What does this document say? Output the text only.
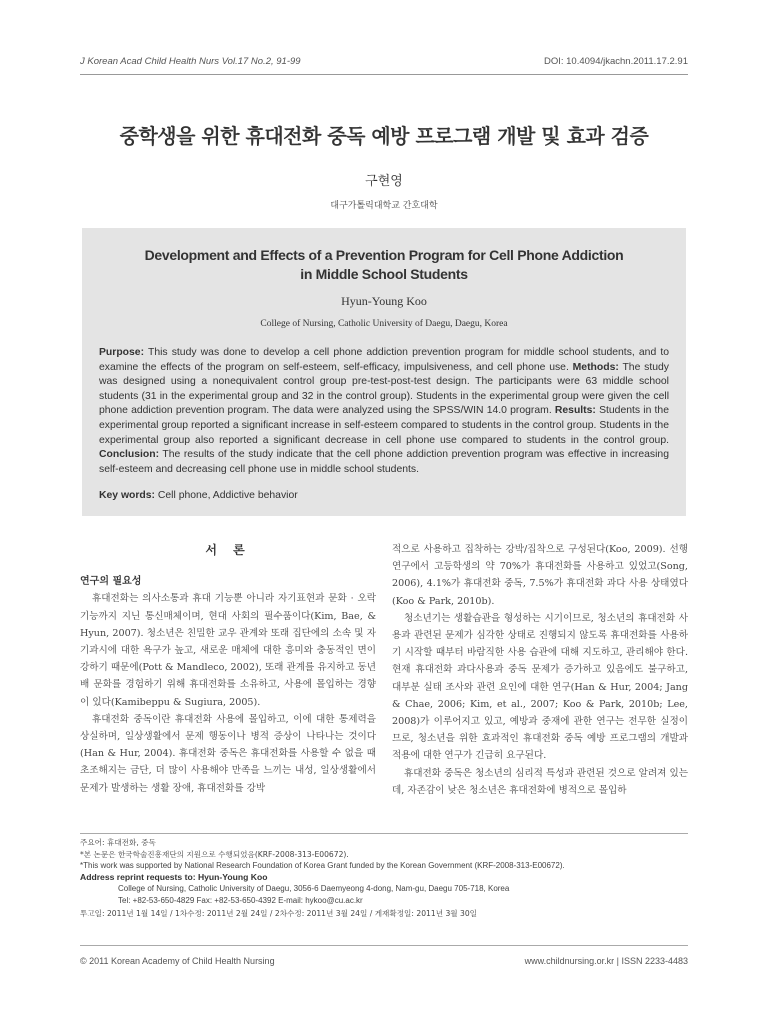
J Korean Acad Child Health Nurs Vol.17 No.2, 91-99	DOI: 10.4094/jkachn.2011.17.2.91
중학생을 위한 휴대전화 중독 예방 프로그램 개발 및 효과 검증
구현영
대구가톨릭대학교 간호대학
Development and Effects of a Prevention Program for Cell Phone Addiction
in Middle School Students
Hyun-Young Koo
College of Nursing, Catholic University of Daegu, Daegu, Korea
Purpose: This study was done to develop a cell phone addiction prevention program for middle school students, and to examine the effects of the program on self-esteem, self-efficacy, impulsiveness, and cell phone use. Methods: The study was designed using a nonequivalent control group pre-test-post-test design. The participants were 63 middle school students (31 in the experimental group and 32 in the control group). Students in the experimental group were given the cell phone addiction prevention program. The data were analyzed using the SPSS/WIN 14.0 program. Results: Students in the experimental group reported a significant increase in self-esteem compared to students in the control group. Students in the experimental group also reported a significant decrease in cell phone use compared to students in the control group. Conclusion: The results of the study indicate that the cell phone addiction prevention program was effective in increasing self-esteem and decreasing cell phone use in middle school students.
Key words: Cell phone, Addictive behavior
서 론
연구의 필요성

휴대전화는 의사소통과 휴대 기능뿐 아니라 자기표현과 문화 · 오락 기능까지 지닌 통신매체이며, 현대 사회의 필수품이다(Kim, Bae, & Hyun, 2007). 청소년은 친밀한 교우 관계와 또래 집단에의 소속 및 자기과시에 대한 욕구가 높고, 새로운 매체에 대한 흥미와 충동적인 면이 강하기 때문에(Pott & Mandleco, 2002), 또래 관계를 유지하고 동년배 문화를 경험하기 위해 휴대전화를 소유하고, 사용에 몰입하는 경향이 있다(Kamibeppu & Sugiura, 2005).

휴대전화 중독이란 휴대전화 사용에 몰입하고, 이에 대한 통제력을 상실하며, 일상생활에서 문제 행동이나 병적 증상이 나타나는 것이다(Han & Hur, 2004). 휴대전화 중독은 휴대전화를 사용할 수 없을 때 초조해지는 금단, 더 많이 사용해야 만족을 느끼는 내성, 일상생활에서 문제가 발생하는 생활 장애, 휴대전화를 강박

적으로 사용하고 집착하는 강박/집착으로 구성된다(Koo, 2009). 선행 연구에서 고등학생의 약 70%가 휴대전화를 사용하고 있었고(Song, 2006), 4.1%가 휴대전화 중독, 7.5%가 휴대전화 과다 사용 상태였다(Koo & Park, 2010b).

청소년기는 생활습관을 형성하는 시기이므로, 청소년의 휴대전화 사용과 관련된 문제가 심각한 상태로 진행되지 않도록 휴대전화를 사용하기 시작할 때부터 바람직한 사용 습관에 대해 지도하고, 관리해야 한다. 현재 휴대전화 과다사용과 중독 문제가 증가하고 있음에도 불구하고, 대부분 실태 조사와 관련 요인에 대한 연구(Han & Hur, 2004; Jang & Chae, 2006; Kim, et al., 2007; Koo & Park, 2010b; Lee, 2008)가 이루어지고 있고, 예방과 중재에 관한 연구는 전무한 실정이므로, 청소년을 위한 효과적인 휴대전화 중독 예방 프로그램의 개발과 적용에 대한 연구가 긴급히 요구된다.

휴대전화 중독은 청소년의 심리적 특성과 관련된 것으로 알려져 있는데, 자존감이 낮은 청소년은 휴대전화에 병적으로 몰입하

주요어: 휴대전화, 중독
*본 논문은 한국학술진흥재단의 지원으로 수행되었음(KRF-2008-313-E00672).
*This work was supported by National Research Foundation of Korea Grant funded by the Korean Government (KRF-2008-313-E00672).
Address reprint requests to: Hyun-Young Koo
College of Nursing, Catholic University of Daegu, 3056-6 Daemyeong 4-dong, Nam-gu, Daegu 705-718, Korea
Tel: +82-53-650-4829 Fax: +82-53-650-4392 E-mail: hykoo@cu.ac.kr
투고일: 2011년 1월 14일 / 1차수정: 2011년 2월 24일 / 2차수정: 2011년 3월 24일 / 게재확정일: 2011년 3월 30일
© 2011 Korean Academy of Child Health Nursing	www.childnursing.or.kr | ISSN 2233-4483
